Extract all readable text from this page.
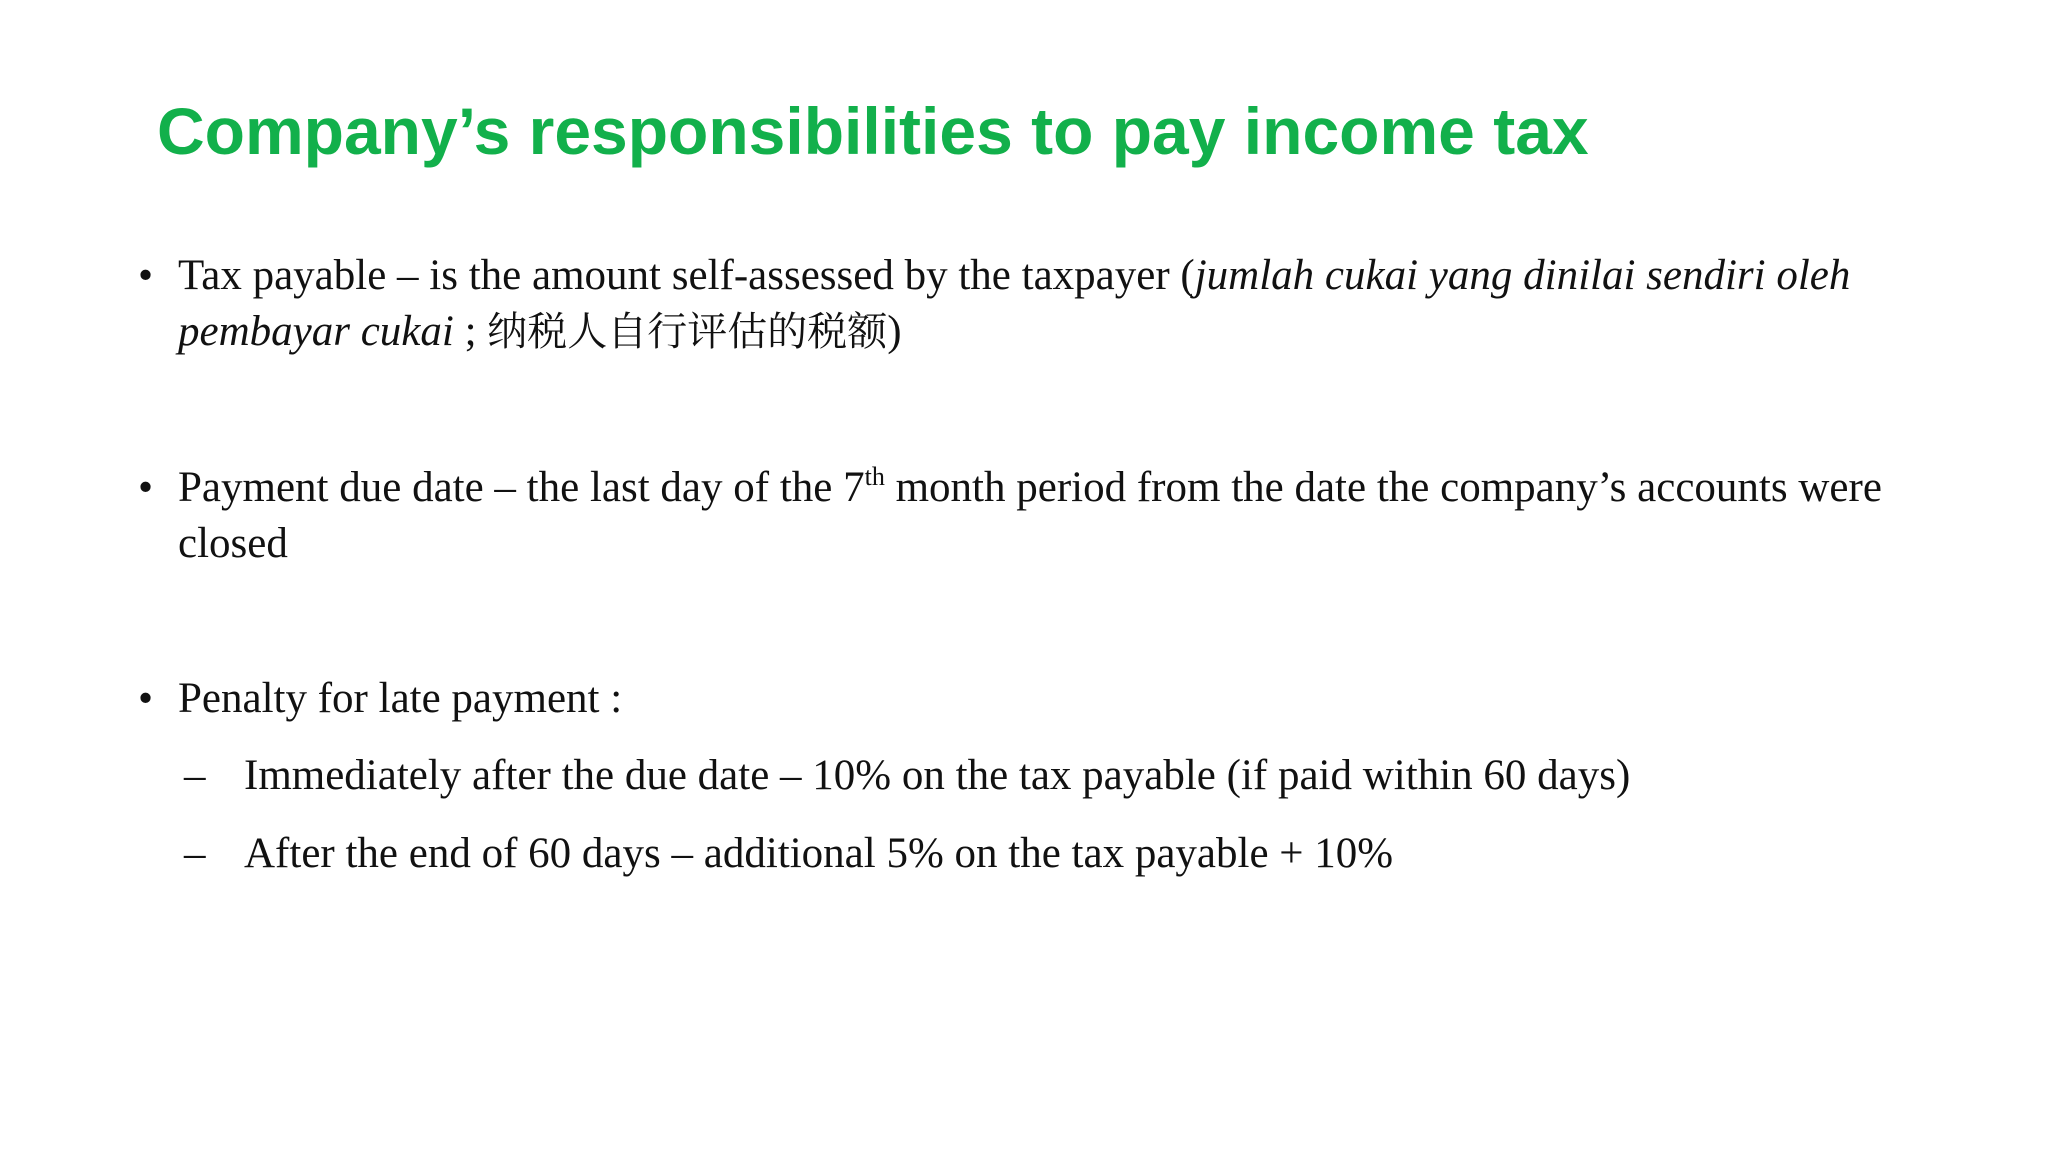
Company’s responsibilities to pay income tax
• Tax payable – is the amount self-assessed by the taxpayer (jumlah cukai yang dinilai sendiri oleh pembayar cukai ; 纳税人自行评估的税额)
• Payment due date – the last day of the 7th month period from the date the company’s accounts were closed
• Penalty for late payment :
– Immediately after the due date – 10% on the tax payable (if paid within 60 days)
– After the end of 60 days – additional 5% on the tax payable + 10%
